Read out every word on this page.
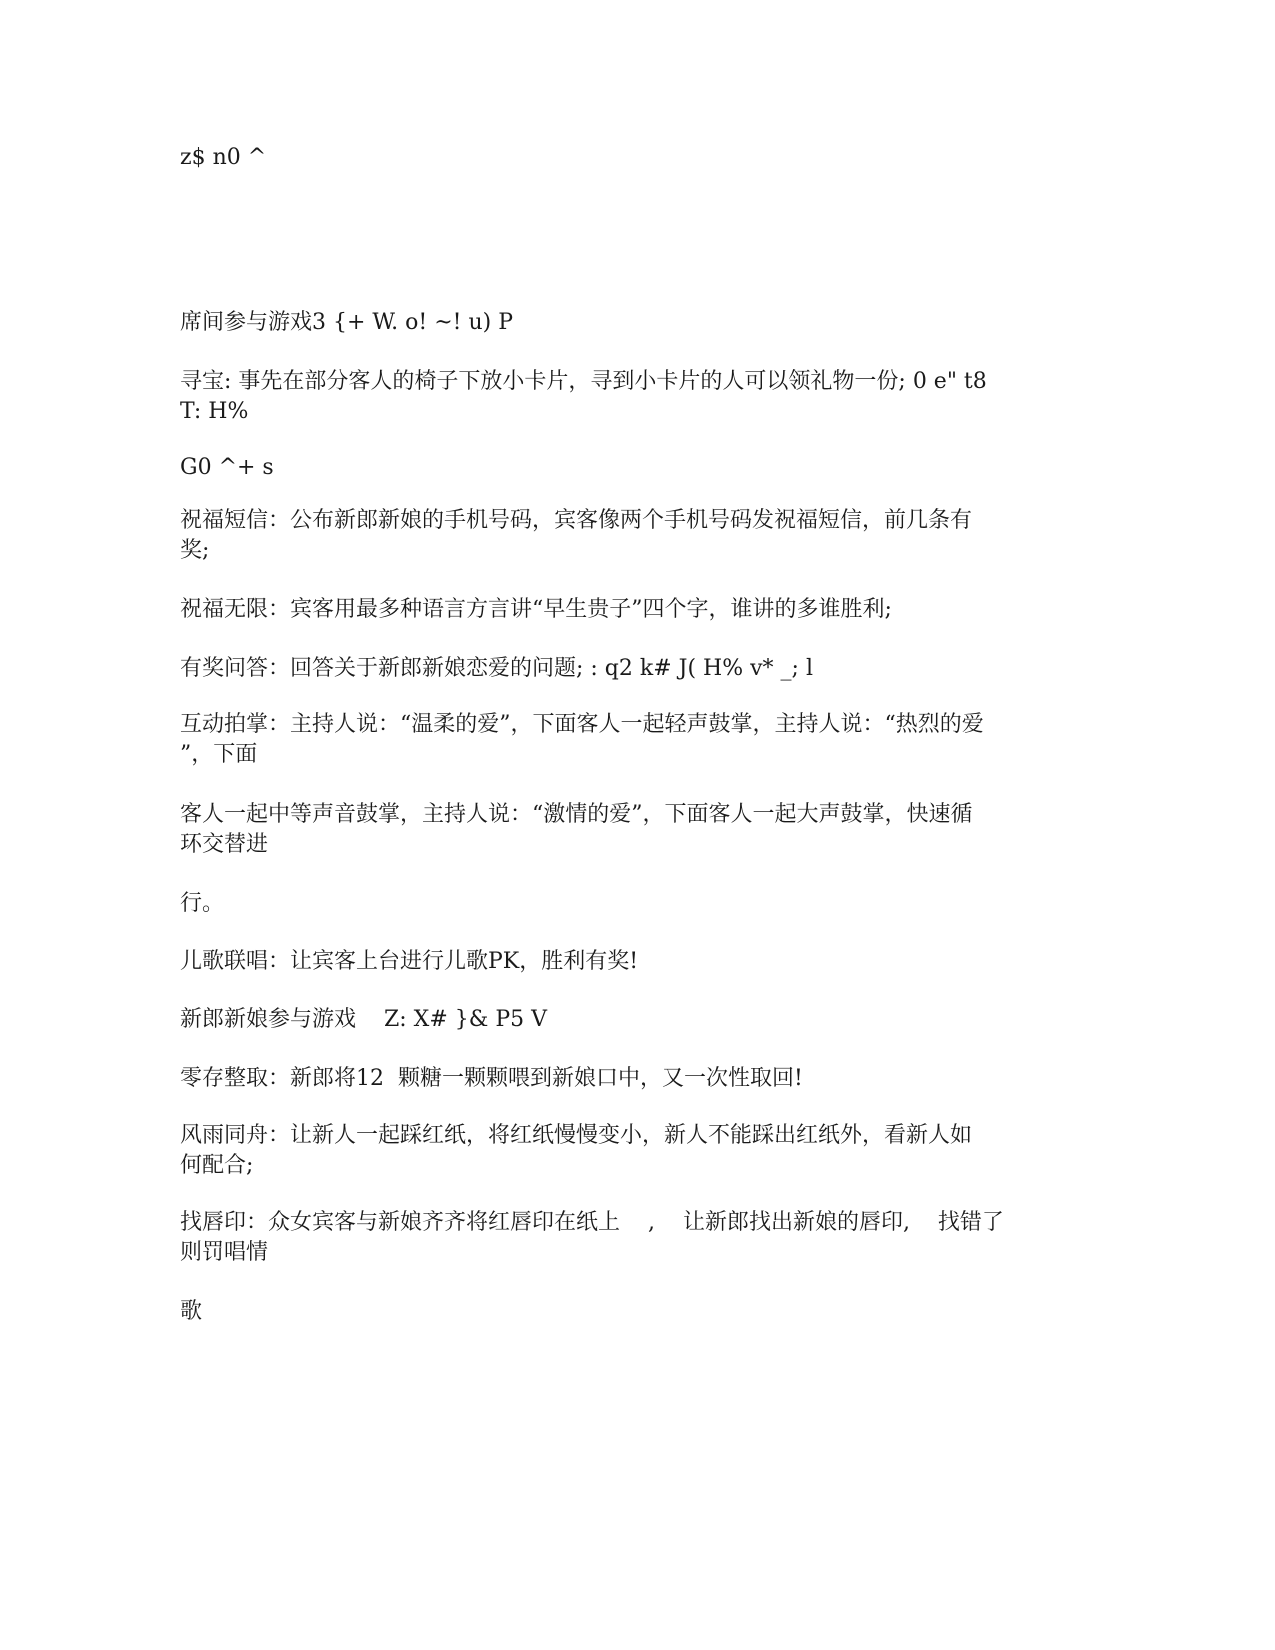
z$ n0 ^

席间参与游戏3 {+ W. o! ~! u) P

寻宝: 事先在部分客人的椅子下放小卡片，寻到小卡片的人可以领礼物一份; 0 e" t8
T: H%

G0 ^+ s

祝福短信：公布新郎新娘的手机号码，宾客像两个手机号码发祝福短信，前几条有
奖;

祝福无限：宾客用最多种语言方言讲“早生贵子”四个字，谁讲的多谁胜利;

有奖问答：回答关于新郎新娘恋爱的问题; : q2 k# J( H% v* _; l

互动拍掌：主持人说：“温柔的爱”，下面客人一起轻声鼓掌，主持人说：“热烈的爱
”，下面

客人一起中等声音鼓掌，主持人说：“激情的爱”，下面客人一起大声鼓掌，快速循
环交替进

行。

儿歌联唱：让宾客上台进行儿歌PK，胜利有奖!

新郎新娘参与游戏    Z: X# }& P5 V

零存整取：新郎将12  颗糖一颗颗喂到新娘口中，又一次性取回!

风雨同舟：让新人一起踩红纸，将红纸慢慢变小，新人不能踩出红纸外，看新人如
何配合;

找唇印：众女宾客与新娘齐齐将红唇印在纸上    ,    让新郎找出新娘的唇印,    找错了
则罚唱情

歌
